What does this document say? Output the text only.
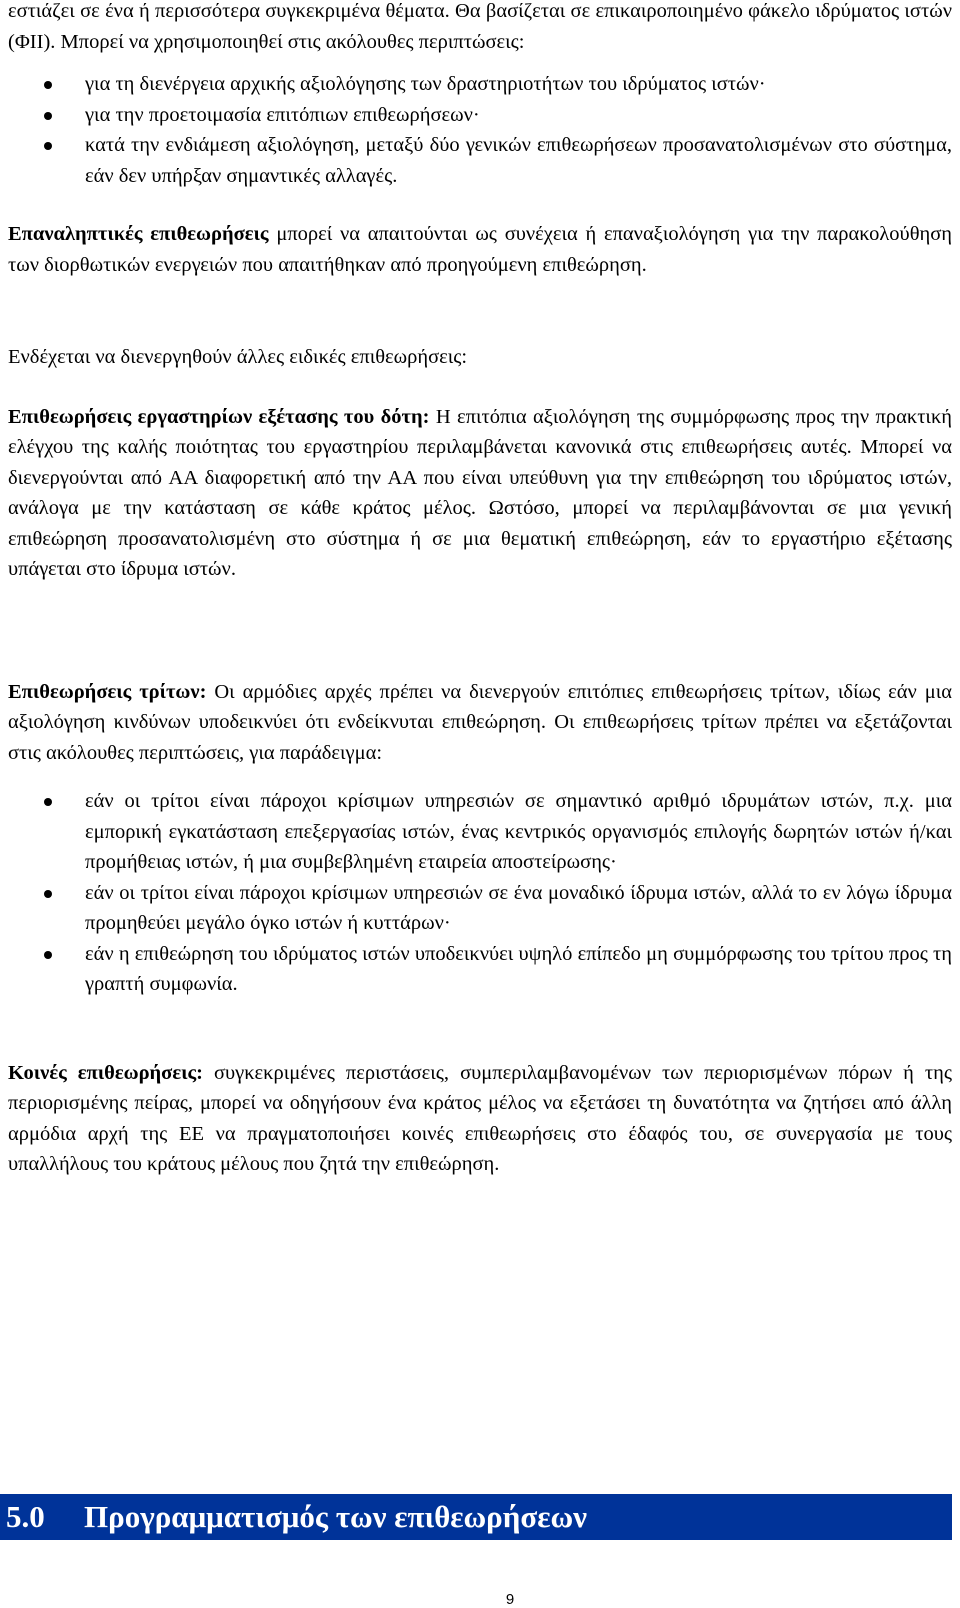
εστιάζει σε ένα ή περισσότερα συγκεκριμένα θέματα. Θα βασίζεται σε επικαιροποιημένο φάκελο ιδρύματος ιστών (ΦΙΙ). Μπορεί να χρησιμοποιηθεί στις ακόλουθες περιπτώσεις:

για τη διενέργεια αρχικής αξιολόγησης των δραστηριοτήτων του ιδρύματος ιστών·
για την προετοιμασία επιτόπιων επιθεωρήσεων·
κατά την ενδιάμεση αξιολόγηση, μεταξύ δύο γενικών επιθεωρήσεων προσανατολισμένων στο σύστημα, εάν δεν υπήρξαν σημαντικές αλλαγές.

Επαναληπτικές επιθεωρήσεις μπορεί να απαιτούνται ως συνέχεια ή επαναξιολόγηση για την παρακολούθηση των διορθωτικών ενεργειών που απαιτήθηκαν από προηγούμενη επιθεώρηση.

Ενδέχεται να διενεργηθούν άλλες ειδικές επιθεωρήσεις:

Επιθεωρήσεις εργαστηρίων εξέτασης του δότη: Η επιτόπια αξιολόγηση της συμμόρφωσης προς την πρακτική ελέγχου της καλής ποιότητας του εργαστηρίου περιλαμβάνεται κανονικά στις επιθεωρήσεις αυτές. Μπορεί να διενεργούνται από ΑΑ διαφορετική από την ΑΑ που είναι υπεύθυνη για την επιθεώρηση του ιδρύματος ιστών, ανάλογα με την κατάσταση σε κάθε κράτος μέλος. Ωστόσο, μπορεί να περιλαμβάνονται σε μια γενική επιθεώρηση προσανατολισμένη στο σύστημα ή σε μια θεματική επιθεώρηση, εάν το εργαστήριο εξέτασης υπάγεται στο ίδρυμα ιστών.

Επιθεωρήσεις τρίτων: Οι αρμόδιες αρχές πρέπει να διενεργούν επιτόπιες επιθεωρήσεις τρίτων, ιδίως εάν μια αξιολόγηση κινδύνων υποδεικνύει ότι ενδείκνυται επιθεώρηση. Οι επιθεωρήσεις τρίτων πρέπει να εξετάζονται στις ακόλουθες περιπτώσεις, για παράδειγμα:

εάν οι τρίτοι είναι πάροχοι κρίσιμων υπηρεσιών σε σημαντικό αριθμό ιδρυμάτων ιστών, π.χ. μια εμπορική εγκατάσταση επεξεργασίας ιστών, ένας κεντρικός οργανισμός επιλογής δωρητών ιστών ή/και προμήθειας ιστών, ή μια συμβεβλημένη εταιρεία αποστείρωσης·
εάν οι τρίτοι είναι πάροχοι κρίσιμων υπηρεσιών σε ένα μοναδικό ίδρυμα ιστών, αλλά το εν λόγω ίδρυμα προμηθεύει μεγάλο όγκο ιστών ή κυττάρων·
εάν η επιθεώρηση του ιδρύματος ιστών υποδεικνύει υψηλό επίπεδο μη συμμόρφωσης του τρίτου προς τη γραπτή συμφωνία.

Κοινές επιθεωρήσεις: συγκεκριμένες περιστάσεις, συμπεριλαμβανομένων των περιορισμένων πόρων ή της περιορισμένης πείρας, μπορεί να οδηγήσουν ένα κράτος μέλος να εξετάσει τη δυνατότητα να ζητήσει από άλλη αρμόδια αρχή της ΕΕ να πραγματοποιήσει κοινές επιθεωρήσεις στο έδαφός του, σε συνεργασία με τους υπαλλήλους του κράτους μέλους που ζητά την επιθεώρηση.

5.0 Προγραμματισμός των επιθεωρήσεων
9
